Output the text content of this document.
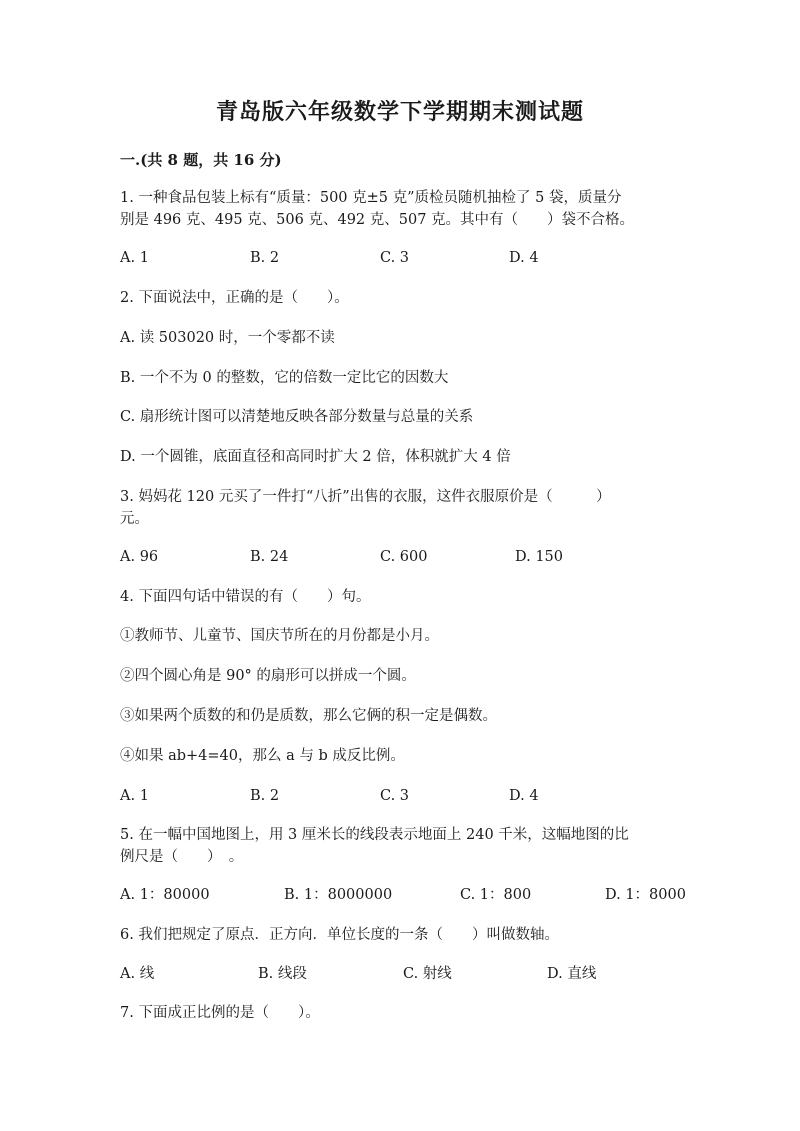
青岛版六年级数学下学期期末测试题
一.(共 8 题，共 16 分)
1. 一种食品包装上标有“质量：500 克±5 克”质检员随机抽检了 5 袋，质量分
别是 496 克、495 克、506 克、492 克、507 克。其中有（　　）袋不合格。
A. 1	B. 2	C. 3	D. 4
2. 下面说法中，正确的是（　　）。
A. 读 503020 时，一个零都不读
B. 一个不为 0 的整数，它的倍数一定比它的因数大
C. 扇形统计图可以清楚地反映各部分数量与总量的关系
D. 一个圆锥，底面直径和高同时扩大 2 倍，体积就扩大 4 倍
3. 妈妈花 120 元买了一件打“八折”出售的衣服，这件衣服原价是（　　　）
元。
A. 96	B. 24	C. 600	D. 150
4. 下面四句话中错误的有（　　）句。
①教师节、儿童节、国庆节所在的月份都是小月。
②四个圆心角是 90° 的扇形可以拼成一个圆。
③如果两个质数的和仍是质数，那么它俩的积一定是偶数。
④如果 ab+4=40，那么 a 与 b 成反比例。
A. 1	B. 2	C. 3	D. 4
5. 在一幅中国地图上，用 3 厘米长的线段表示地面上 240 千米，这幅地图的比
例尺是（　　）　。
A. 1：80000	B. 1：8000000	C. 1：800	D. 1：8000
6. 我们把规定了原点．正方向．单位长度的一条（　　）叫做数轴。
A. 线	B. 线段	C. 射线	D. 直线
7. 下面成正比例的是（　　）。
